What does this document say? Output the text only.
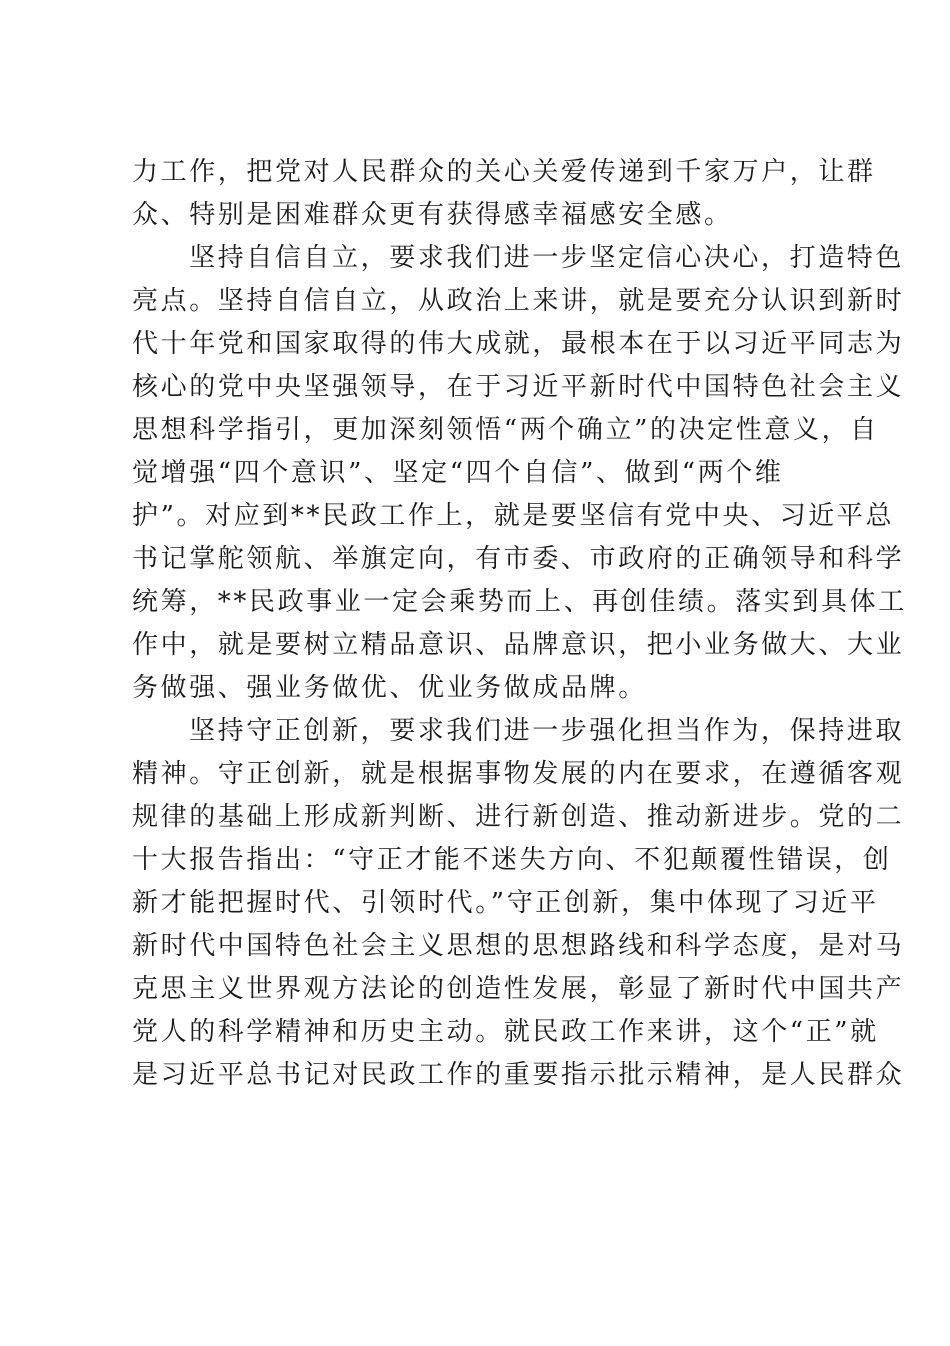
力工作，把党对人民群众的关心关爱传递到千家万户，让群
众、特别是困难群众更有获得感幸福感安全感。
坚持自信自立，要求我们进一步坚定信心决心，打造特色
亮点。坚持自信自立，从政治上来讲，就是要充分认识到新时
代十年党和国家取得的伟大成就，最根本在于以习近平同志为
核心的党中央坚强领导，在于习近平新时代中国特色社会主义
思想科学指引，更加深刻领悟“两个确立”的决定性意义，自
觉增强“四个意识”、坚定“四个自信”、做到“两个维
护”。对应到**民政工作上，就是要坚信有党中央、习近平总
书记掌舵领航、举旗定向，有市委、市政府的正确领导和科学
统筹，**民政事业一定会乘势而上、再创佳绩。落实到具体工
作中，就是要树立精品意识、品牌意识，把小业务做大、大业
务做强、强业务做优、优业务做成品牌。
坚持守正创新，要求我们进一步强化担当作为，保持进取
精神。守正创新，就是根据事物发展的内在要求，在遵循客观
规律的基础上形成新判断、进行新创造、推动新进步。党的二
十大报告指出：“守正才能不迷失方向、不犯颠覆性错误，创
新才能把握时代、引领时代。”守正创新，集中体现了习近平
新时代中国特色社会主义思想的思想路线和科学态度，是对马
克思主义世界观方法论的创造性发展，彰显了新时代中国共产
党人的科学精神和历史主动。就民政工作来讲，这个“正”就
是习近平总书记对民政工作的重要指示批示精神，是人民群众
